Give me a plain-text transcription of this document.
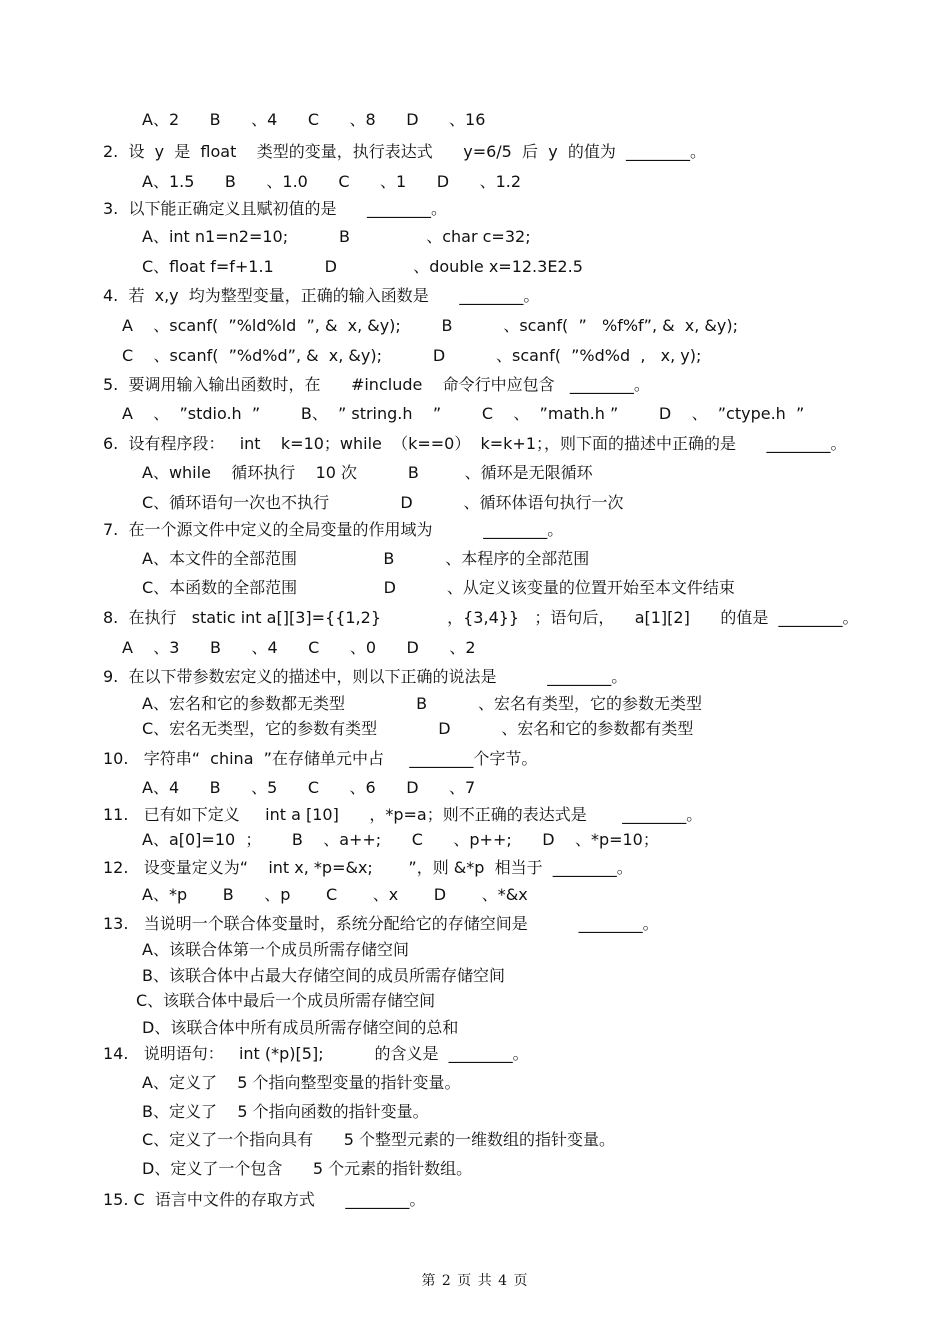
A、2      B      、4      C      、8      D      、16
2.  设  y  是  float    类型的变量，执行表达式      y=6/5  后  y  的值为  ________。
A、1.5      B      、1.0      C      、1      D      、1.2
3.  以下能正确定义且赋初值的是      ________。
A、int n1=n2=10;          B               、char c=32;
C、float f=f+1.1          D               、double x=12.3E2.5
4.  若  x,y  均为整型变量，正确的输入函数是      ________。
A    、scanf(  ”%ld%ld  ”, &  x, &y);        B          、scanf(  ”   %f%f”, &  x, &y);
C    、scanf(  ”%d%d”, &  x, &y);          D          、scanf(  ”%d%d  ,   x, y);
5.  要调用输入输出函数时，在      #include    命令行中应包含   ________。
A    、  ”stdio.h  ”        B、  ” string.h    ”        C    、  ”math.h ”        D    、  ”ctype.h  ”
6.  设有程序段：   int    k=10；while  （k==0）  k=k+1；，则下面的描述中正确的是      ________。
A、while    循环执行    10 次          B         、循环是无限循环
C、循环语句一次也不执行              D          、循环体语句执行一次
7.  在一个源文件中定义的全局变量的作用域为          ________。
A、本文件的全部范围                 B          、本程序的全部范围
C、本函数的全部范围                 D          、从定义该变量的位置开始至本文件结束
8.  在执行   static int a[][3]={{1,2}             ，{3,4}}   ；语句后，    a[1][2]      的值是  ________。
A    、3      B      、4      C      、0      D      、2
9.  在以下带参数宏定义的描述中，则以下正确的说法是          ________。
A、宏名和它的参数都无类型              B          、宏名有类型，它的参数无类型
C、宏名无类型，它的参数有类型            D          、宏名和它的参数都有类型
10.   字符串“  china  ”在存储单元中占     ________个字节。
A、4      B      、5      C      、6      D      、7
11.   已有如下定义     int a [10]      ，*p=a；则不正确的表达式是       ________。
A、a[0]=10  ；      B    、a++;      C      、p++;      D    、*p=10；
12.   设变量定义为“    int x, *p=&x;       ”，则 &*p  相当于  ________。
A、*p       B      、p       C       、x       D       、*&x
13.   当说明一个联合体变量时，系统分配给它的存储空间是          ________。
A、该联合体第一个成员所需存储空间
B、该联合体中占最大存储空间的成员所需存储空间
C、该联合体中最后一个成员所需存储空间
D、该联合体中所有成员所需存储空间的总和
14.   说明语句：   int (*p)[5];          的含义是  ________。
A、定义了    5 个指向整型变量的指针变量。
B、定义了    5 个指向函数的指针变量。
C、定义了一个指向具有      5 个整型元素的一维数组的指针变量。
D、定义了一个包含      5 个元素的指针数组。
15. C  语言中文件的存取方式      ________。
第 2 页 共 4 页
